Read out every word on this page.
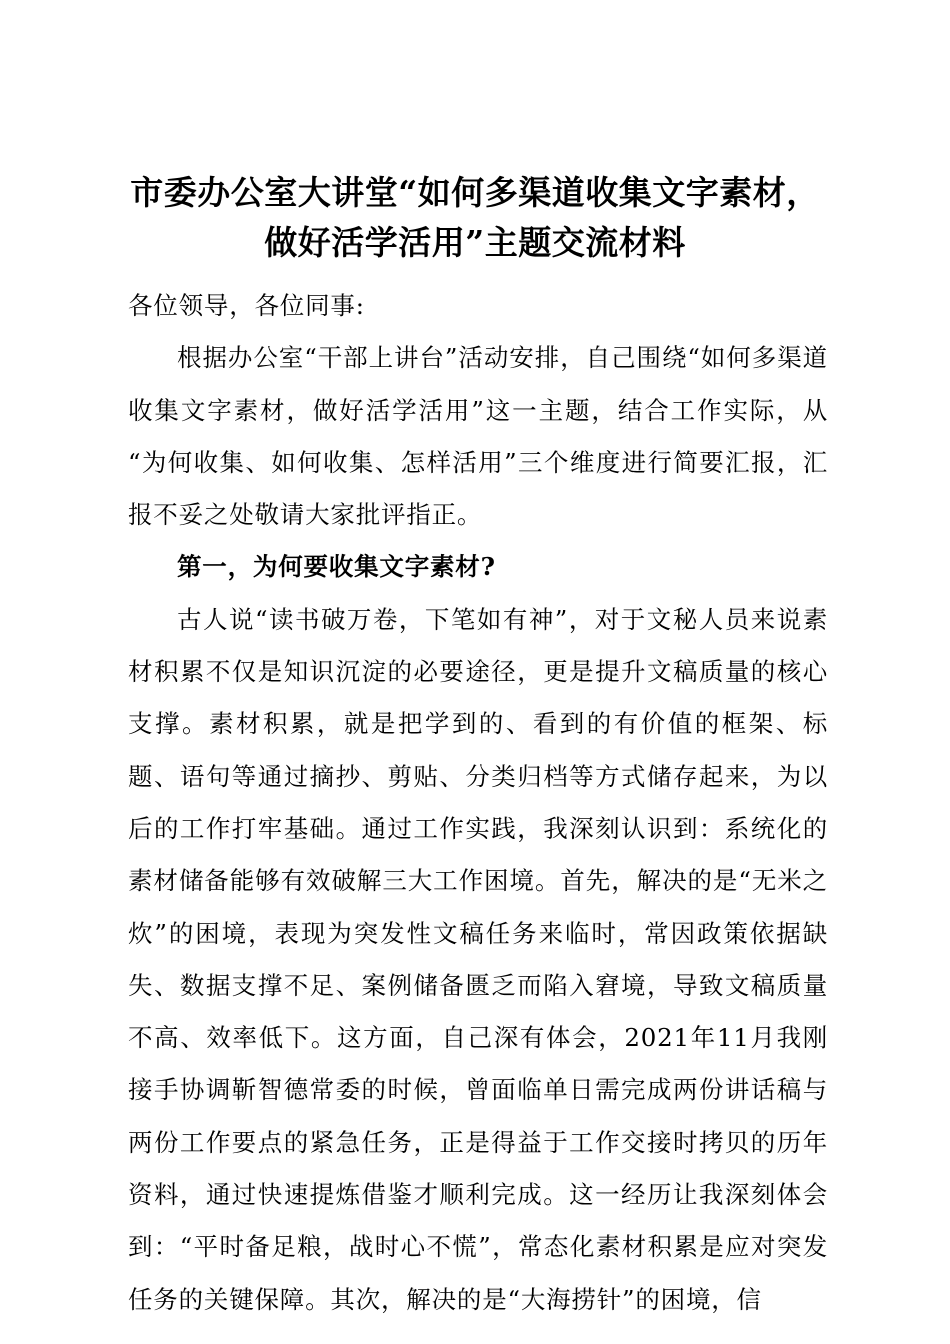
市委办公室大讲堂“如何多渠道收集文字素材，做好活学活用”主题交流材料

各位领导，各位同事:

根据办公室“干部上讲台”活动安排，自己围绕“如何多渠道收集文字素材，做好活学活用”这一主题，结合工作实际，从 “为何收集、如何收集、怎样活用”三个维度进行简要汇报，汇报不妥之处敬请大家批评指正。

第一，为何要收集文字素材?

古人说“读书破万卷，下笔如有神”，对于文秘人员来说素材积累不仅是知识沉淀的必要途径，更是提升文稿质量的核心支撑。素材积累，就是把学到的、看到的有价值的框架、标题、语句等通过摘抄、剪贴、分类归档等方式储存起来，为以后的工作打牢基础。通过工作实践，我深刻认识到：系统化的素材储备能够有效破解三大工作困境。首先，解决的是“无米之炊”的困境，表现为突发性文稿任务来临时，常因政策依据缺失、数据支撑不足、案例储备匮乏而陷入窘境，导致文稿质量不高、效率低下。这方面，自己深有体会，2021年11月我刚接手协调靳智德常委的时候，曾面临单日需完成两份讲话稿与两份工作要点的紧急任务，正是得益于工作交接时拷贝的历年资料，通过快速提炼借鉴才顺利完成。这一经历让我深刻体会到：“平时备足粮，战时心不慌”，常态化素材积累是应对突发任务的关键保障。其次，解决的是“大海捞针”的困境，信
